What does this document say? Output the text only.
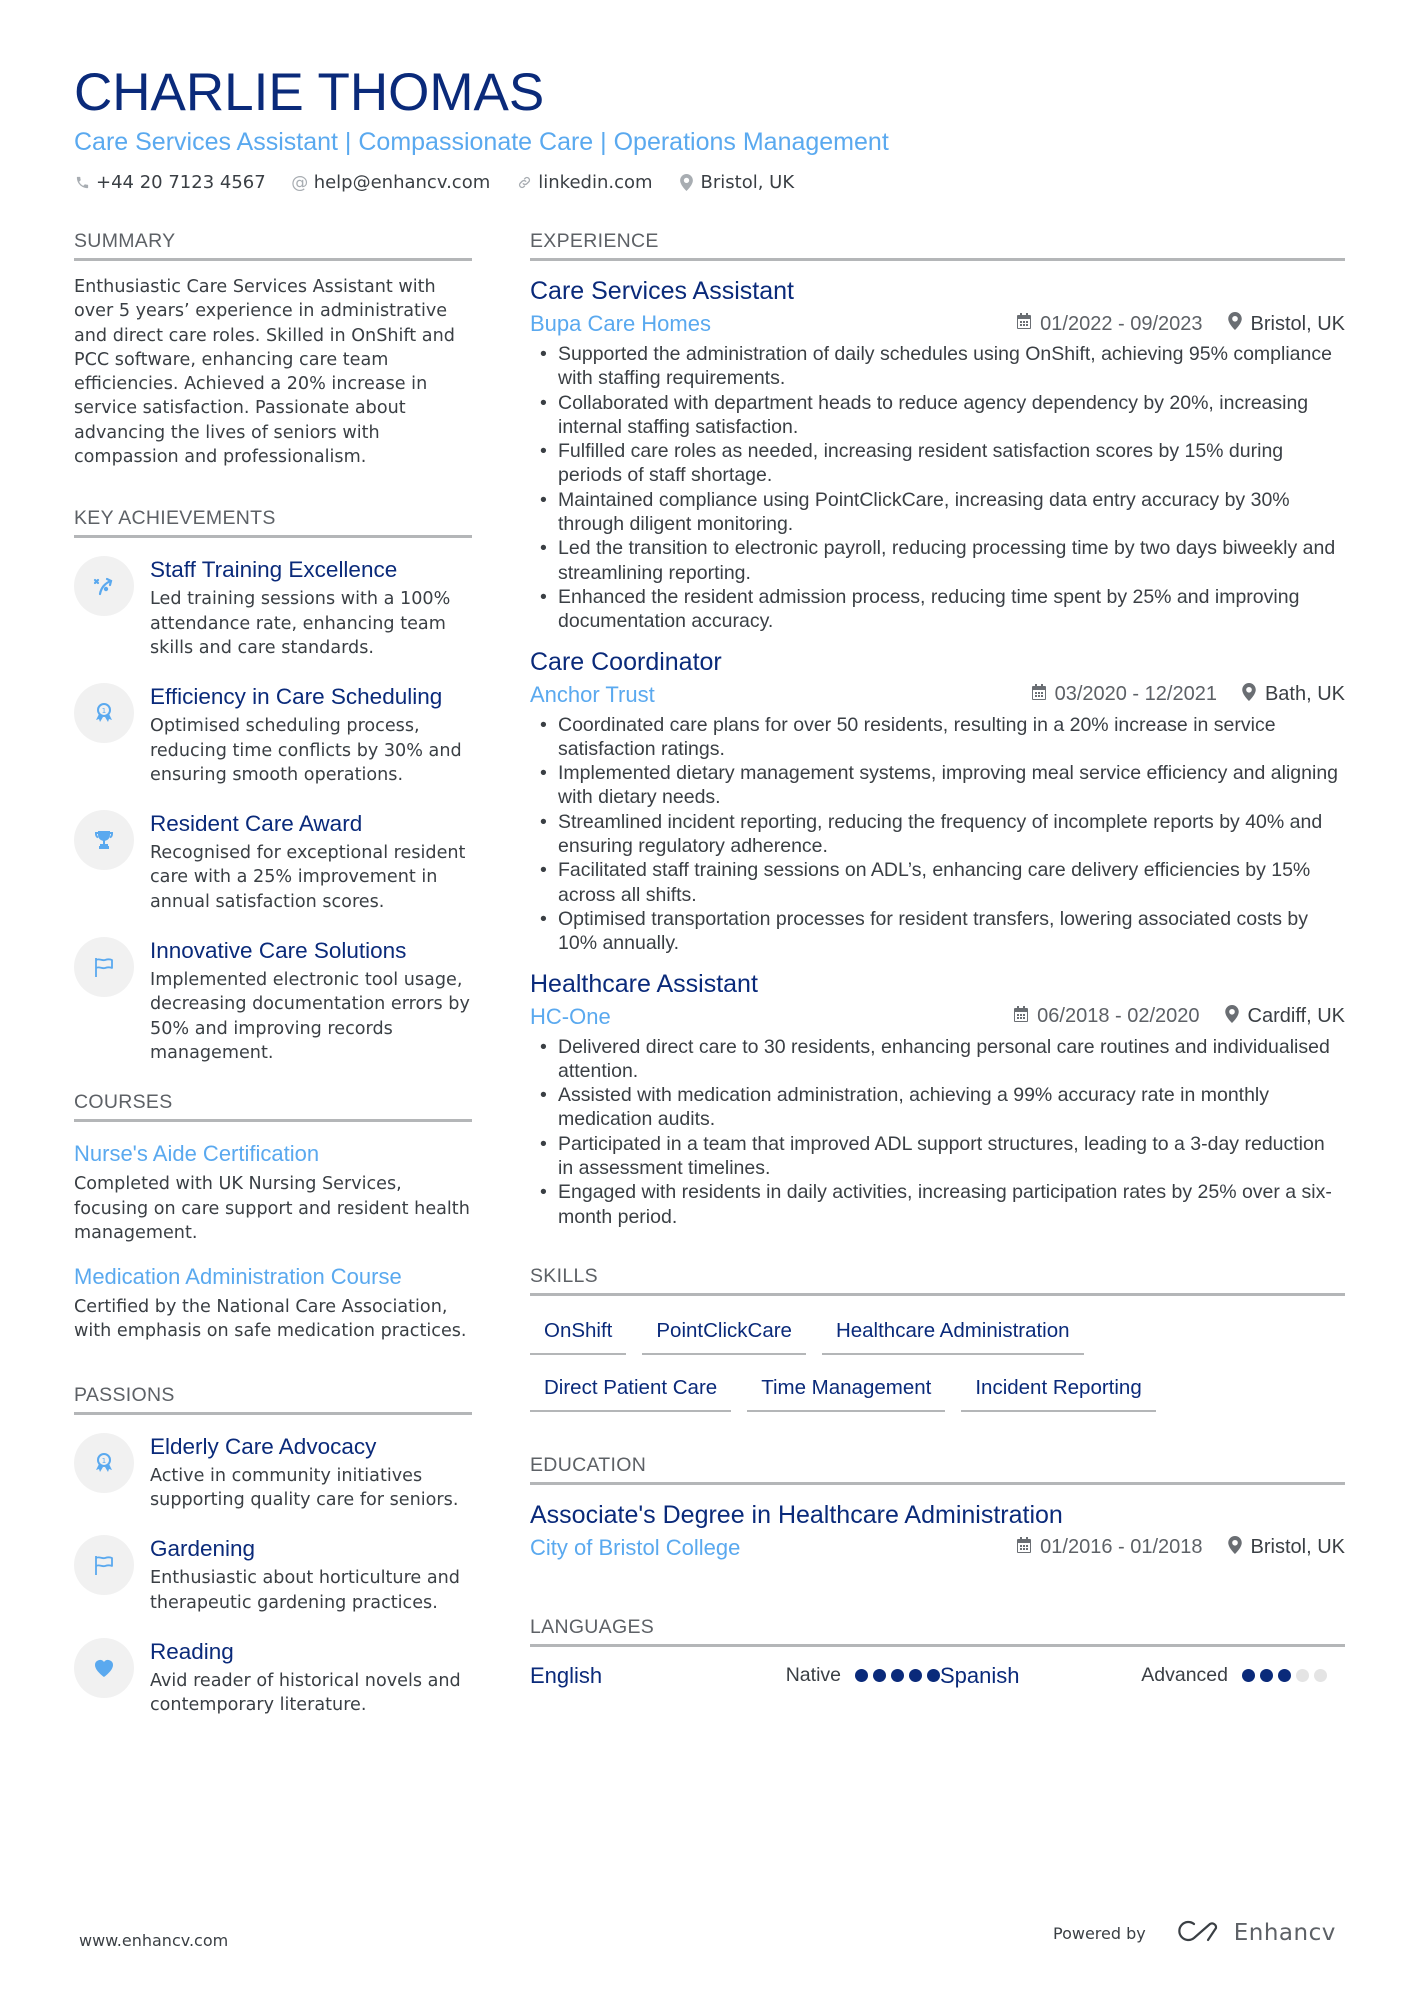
CHARLIE THOMAS
Care Services Assistant | Compassionate Care | Operations Management
+44 20 7123 4567 @ help@enhancv.com	linkedin.com	Bristol, UK
SUMMARY
Enthusiastic Care Services Assistant with over 5 years’ experience in administrative and direct care roles. Skilled in OnShift and PCC software, enhancing care team efficiencies. Achieved a 20% increase in service satisfaction. Passionate about advancing the lives of seniors with compassion and professionalism.
KEY ACHIEVEMENTS
Staff Training Excellence
Led training sessions with a 100% attendance rate, enhancing team skills and care standards.
1
Efficiency in Care Scheduling
Optimised scheduling process, reducing time conflicts by 30% and ensuring smooth operations.
Resident Care Award
Recognised for exceptional resident care with a 25% improvement in annual satisfaction scores.
Innovative Care Solutions
Implemented electronic tool usage, decreasing documentation errors by 50% and improving records management.
COURSES
Nurse's Aide Certification
Completed with UK Nursing Services, focusing on care support and resident health management.
Medication Administration Course
Certified by the National Care Association, with emphasis on safe medication practices.
PASSIONS
1
Elderly Care Advocacy
Active in community initiatives supporting quality care for seniors.
Gardening
Enthusiastic about horticulture and therapeutic gardening practices.
Reading
Avid reader of historical novels and contemporary literature.
EXPERIENCE
Care Services Assistant
Bupa Care Homes	01/2022 - 09/2023 Bristol, UK
• Supported the administration of daily schedules using OnShift, achieving 95% compliance with staffing requirements.
• Collaborated with department heads to reduce agency dependency by 20%, increasing internal staffing satisfaction.
• Fulfilled care roles as needed, increasing resident satisfaction scores by 15% during periods of staff shortage.
• Maintained compliance using PointClickCare, increasing data entry accuracy by 30% through diligent monitoring.
• Led the transition to electronic payroll, reducing processing time by two days biweekly and streamlining reporting.
• Enhanced the resident admission process, reducing time spent by 25% and improving documentation accuracy.
Care Coordinator
Anchor Trust	03/2020 - 12/2021 Bath, UK
• Coordinated care plans for over 50 residents, resulting in a 20% increase in service satisfaction ratings.
• Implemented dietary management systems, improving meal service efficiency and aligning with dietary needs.
• Streamlined incident reporting, reducing the frequency of incomplete reports by 40% and ensuring regulatory adherence.
• Facilitated staff training sessions on ADL’s, enhancing care delivery efficiencies by 15% across all shifts.
• Optimised transportation processes for resident transfers, lowering associated costs by 10% annually.
Healthcare Assistant
HC-One	06/2018 - 02/2020 Cardiff, UK
• Delivered direct care to 30 residents, enhancing personal care routines and individualised attention.
• Assisted with medication administration, achieving a 99% accuracy rate in monthly medication audits.
• Participated in a team that improved ADL support structures, leading to a 3-day reduction in assessment timelines.
• Engaged with residents in daily activities, increasing participation rates by 25% over a six-month period.
SKILLS
OnShift	PointClickCare	Healthcare Administration
Direct Patient Care	Time Management	Incident Reporting
EDUCATION
Associate's Degree in Healthcare Administration
City of Bristol College	01/2016 - 01/2018 Bristol, UK
LANGUAGES
English	Native	Spanish	Advanced
www.enhancv.com	Powered by	Enhancv
